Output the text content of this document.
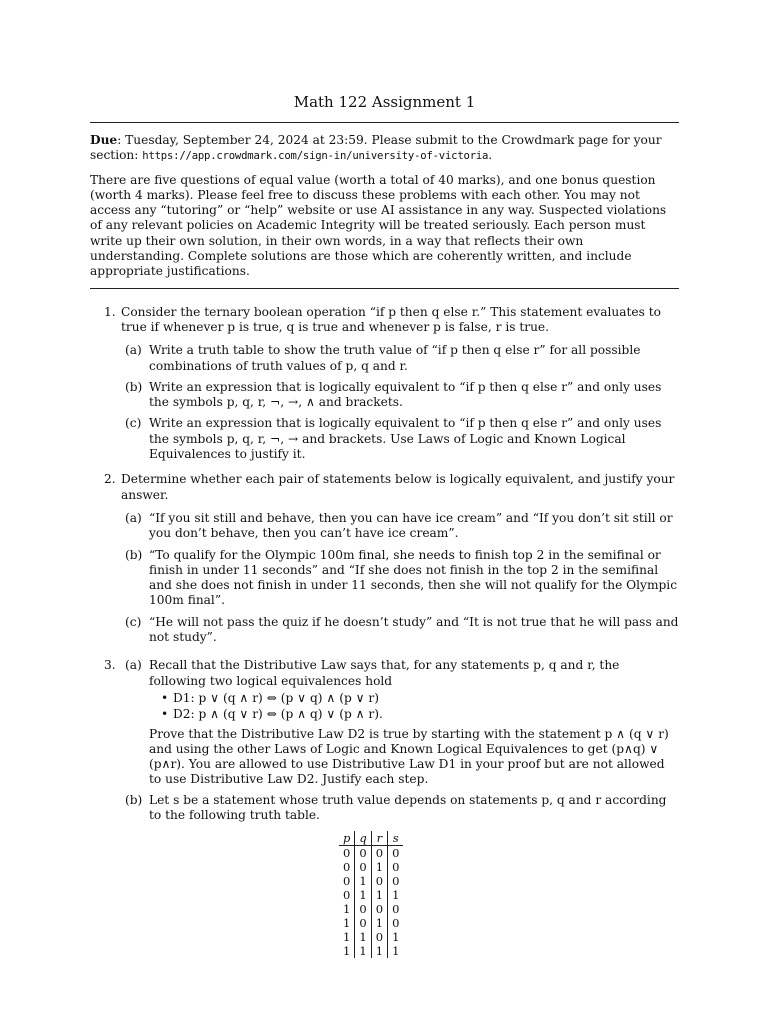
Math 122 Assignment 1

Due: Tuesday, September 24, 2024 at 23:59. Please submit to the Crowdmark page for your section: https://app.crowdmark.com/sign-in/university-of-victoria.

There are five questions of equal value (worth a total of 40 marks), and one bonus question (worth 4 marks). Please feel free to discuss these problems with each other. You may not access any “tutoring” or “help” website or use AI assistance in any way. Suspected violations of any relevant policies on Academic Integrity will be treated seriously. Each person must write up their own solution, in their own words, in a way that reflects their own understanding. Complete solutions are those which are coherently written, and include appropriate justifications.

1. Consider the ternary boolean operation “if p then q else r.” This statement evaluates to true if whenever p is true, q is true and whenever p is false, r is true.
(a) Write a truth table to show the truth value of “if p then q else r” for all possible combinations of truth values of p, q and r.
(b) Write an expression that is logically equivalent to “if p then q else r” and only uses the symbols p, q, r, ¬, →, ∧ and brackets.
(c) Write an expression that is logically equivalent to “if p then q else r” and only uses the symbols p, q, r, ¬, → and brackets. Use Laws of Logic and Known Logical Equivalences to justify it.
2. Determine whether each pair of statements below is logically equivalent, and justify your answer.
(a) “If you sit still and behave, then you can have ice cream” and “If you don’t sit still or you don’t behave, then you can’t have ice cream”.
(b) “To qualify for the Olympic 100m final, she needs to finish top 2 in the semifinal or finish in under 11 seconds” and “If she does not finish in the top 2 in the semifinal and she does not finish in under 11 seconds, then she will not qualify for the Olympic 100m final”.
(c) “He will not pass the quiz if he doesn’t study” and “It is not true that he will pass and not study”.
3. (a) Recall that the Distributive Law says that, for any statements p, q and r, the following two logical equivalences hold
• D1: p ∨ (q ∧ r) ⇔ (p ∨ q) ∧ (p ∨ r)
• D2: p ∧ (q ∨ r) ⇔ (p ∧ q) ∨ (p ∧ r).
Prove that the Distributive Law D2 is true by starting with the statement p ∧ (q ∨ r) and using the other Laws of Logic and Known Logical Equivalences to get (p∧q) ∨ (p∧r). You are allowed to use Distributive Law D1 in your proof but are not allowed to use Distributive Law D2. Justify each step.
(b) Let s be a statement whose truth value depends on statements p, q and r according to the following truth table.
p	q	r	s
0	0	0	0
0	0	1	0
0	1	0	0
0	1	1	1
1	0	0	0
1	0	1	0
1	1	0	1
1	1	1	1
